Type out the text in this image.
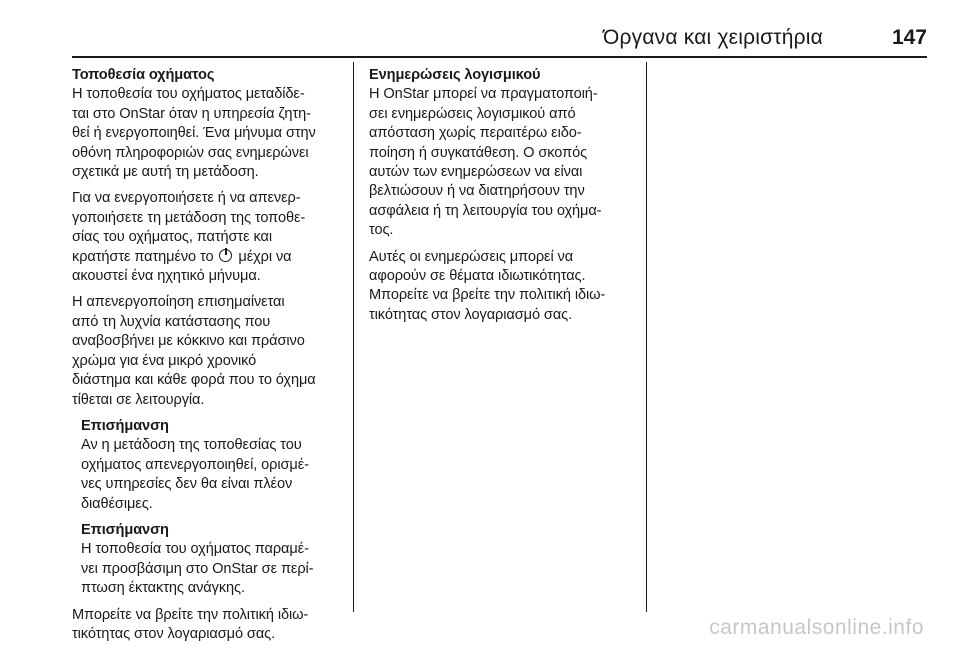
Όργανα και χειριστήρια	147
Τοποθεσία οχήματος

Η τοποθεσία του οχήματος μεταδίδε-
ται στο OnStar όταν η υπηρεσία ζητη-
θεί ή ενεργοποιηθεί. Ένα μήνυμα στην
οθόνη πληροφοριών σας ενημερώνει
σχετικά με αυτή τη μετάδοση.

Για να ενεργοποιήσετε ή να απενερ-
γοποιήσετε τη μετάδοση της τοποθε-
σίας του οχήματος, πατήστε και
κρατήστε πατημένο το  μέχρι να
ακουστεί ένα ηχητικό μήνυμα.

Η απενεργοποίηση επισημαίνεται
από τη λυχνία κατάστασης που
αναβοσβήνει με κόκκινο και πράσινο
χρώμα για ένα μικρό χρονικό
διάστημα και κάθε φορά που το όχημα
τίθεται σε λειτουργία.

Επισήμανση
Αν η μετάδοση της τοποθεσίας του
οχήματος απενεργοποιηθεί, ορισμέ-
νες υπηρεσίες δεν θα είναι πλέον
διαθέσιμες.
Επισήμανση
Η τοποθεσία του οχήματος παραμέ-
νει προσβάσιμη στο OnStar σε περί-
πτωση έκτακτης ανάγκης.

Μπορείτε να βρείτε την πολιτική ιδιω-
τικότητας στον λογαριασμό σας.

Ενημερώσεις λογισμικού

Η OnStar μπορεί να πραγματοποιή-
σει ενημερώσεις λογισμικού από
απόσταση χωρίς περαιτέρω ειδο-
ποίηση ή συγκατάθεση. Ο σκοπός
αυτών των ενημερώσεων να είναι
βελτιώσουν ή να διατηρήσουν την
ασφάλεια ή τη λειτουργία του οχήμα-
τος.

Αυτές οι ενημερώσεις μπορεί να
αφορούν σε θέματα ιδιωτικότητας.
Μπορείτε να βρείτε την πολιτική ιδιω-
τικότητας στον λογαριασμό σας.

carmanualsonline.info
